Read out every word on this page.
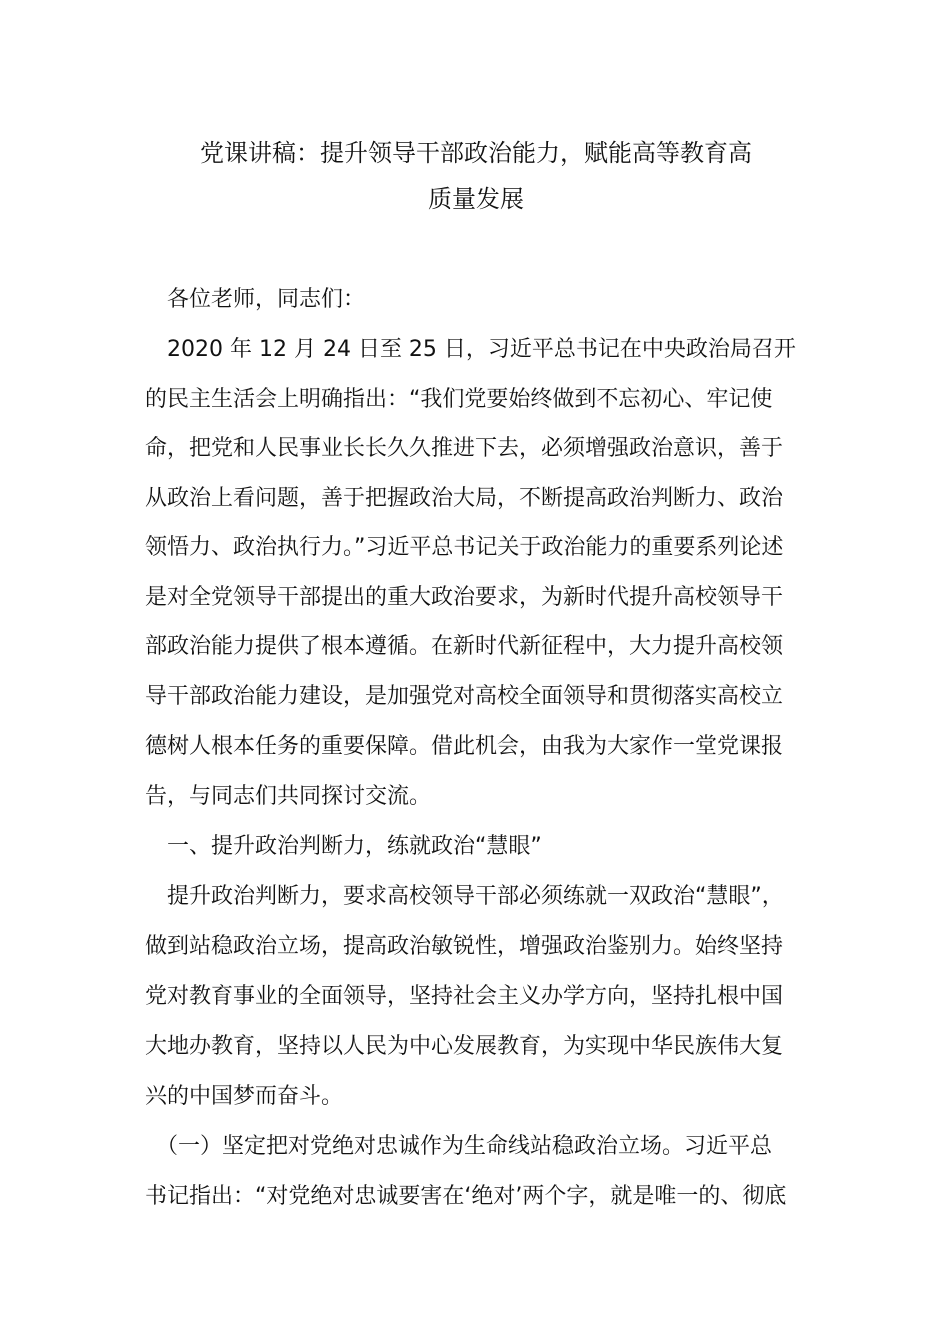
党课讲稿：提升领导干部政治能力，赋能高等教育高
质量发展
　各位老师，同志们：
　2020 年 12 月 24 日至 25 日，习近平总书记在中央政治局召开
的民主生活会上明确指出：“我们党要始终做到不忘初心、牢记使
命，把党和人民事业长长久久推进下去，必须增强政治意识，善于
从政治上看问题，善于把握政治大局，不断提高政治判断力、政治
领悟力、政治执行力。”习近平总书记关于政治能力的重要系列论述
是对全党领导干部提出的重大政治要求，为新时代提升高校领导干
部政治能力提供了根本遵循。在新时代新征程中，大力提升高校领
导干部政治能力建设，是加强党对高校全面领导和贯彻落实高校立
德树人根本任务的重要保障。借此机会，由我为大家作一堂党课报
告，与同志们共同探讨交流。
　一、提升政治判断力，练就政治“慧眼”
　提升政治判断力，要求高校领导干部必须练就一双政治“慧眼”，
做到站稳政治立场，提高政治敏锐性，增强政治鉴别力。始终坚持
党对教育事业的全面领导，坚持社会主义办学方向，坚持扎根中国
大地办教育，坚持以人民为中心发展教育，为实现中华民族伟大复
兴的中国梦而奋斗。
　（一）坚定把对党绝对忠诚作为生命线站稳政治立场。习近平总
书记指出：“对党绝对忠诚要害在‘绝对’两个字，就是唯一的、彻底
